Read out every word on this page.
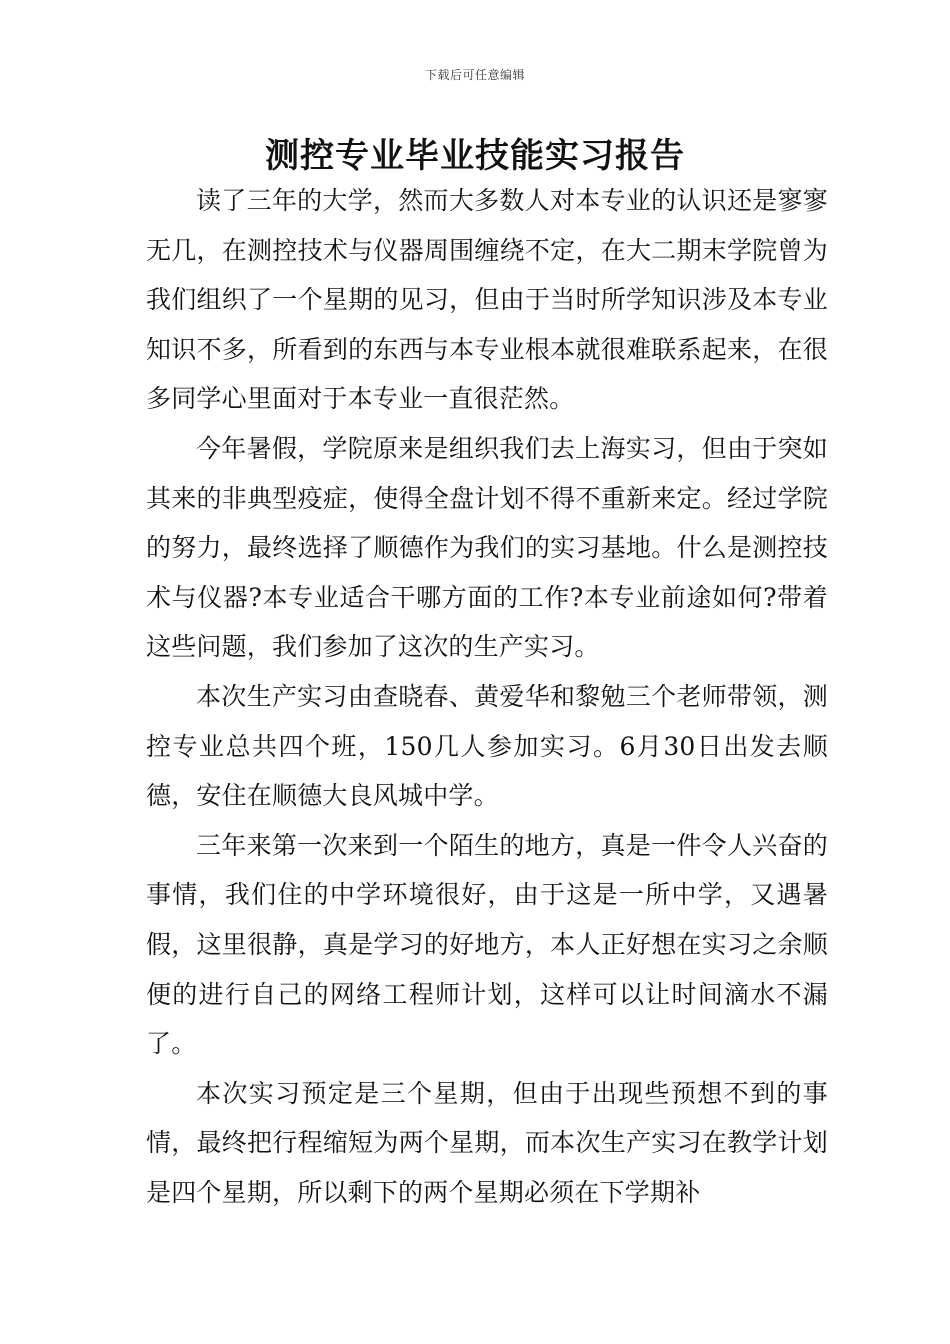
下载后可任意编辑
测控专业毕业技能实习报告

读了三年的大学，然而大多数人对本专业的认识还是寥寥无几，在测控技术与仪器周围缠绕不定，在大二期末学院曾为我们组织了一个星期的见习，但由于当时所学知识涉及本专业知识不多，所看到的东西与本专业根本就很难联系起来，在很多同学心里面对于本专业一直很茫然。

今年暑假，学院原来是组织我们去上海实习，但由于突如其来的非典型疫症，使得全盘计划不得不重新来定。经过学院的努力，最终选择了顺德作为我们的实习基地。什么是测控技术与仪器?本专业适合干哪方面的工作?本专业前途如何?带着这些问题，我们参加了这次的生产实习。

本次生产实习由查晓春、黄爱华和黎勉三个老师带领，测控专业总共四个班，150几人参加实习。6月30日出发去顺德，安住在顺德大良风城中学。

三年来第一次来到一个陌生的地方，真是一件令人兴奋的事情，我们住的中学环境很好，由于这是一所中学，又遇暑假，这里很静，真是学习的好地方，本人正好想在实习之余顺便的进行自己的网络工程师计划，这样可以让时间滴水不漏了。

本次实习预定是三个星期，但由于出现些预想不到的事情，最终把行程缩短为两个星期，而本次生产实习在教学计划是四个星期，所以剩下的两个星期必须在下学期补
